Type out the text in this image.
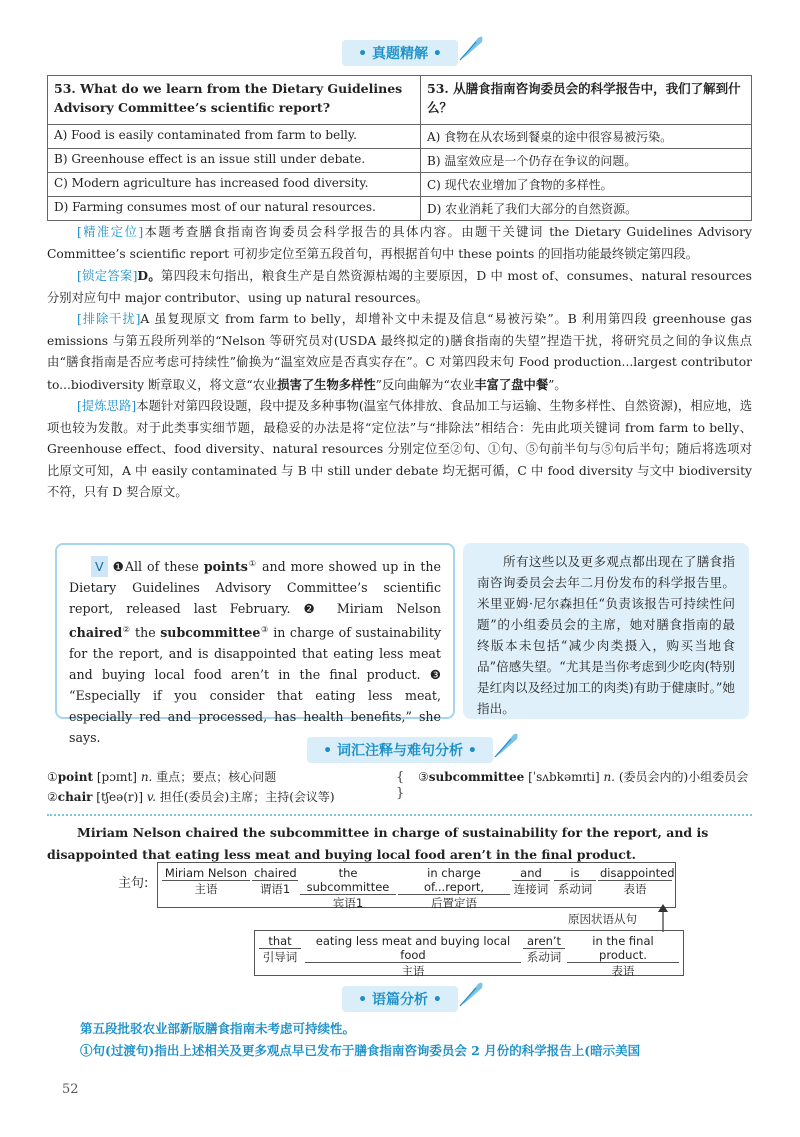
• 真题精解 •
53. What do we learn from the Dietary Guidelines Advisory Committee’s scientific report?	53. 从膳食指南咨询委员会的科学报告中，我们了解到什么？
A) Food is easily contaminated from farm to belly.	A) 食物在从农场到餐桌的途中很容易被污染。
B) Greenhouse effect is an issue still under debate.	B) 温室效应是一个仍存在争议的问题。
C) Modern agriculture has increased food diversity.	C) 现代农业增加了食物的多样性。
D) Farming consumes most of our natural resources.	D) 农业消耗了我们大部分的自然资源。
[精准定位]本题考查膳食指南咨询委员会科学报告的具体内容。由题干关键词 the Dietary Guidelines Advisory Committee’s scientific report 可初步定位至第五段首句，再根据首句中 these points 的回指功能最终锁定第四段。
[锁定答案]D。第四段末句指出，粮食生产是自然资源枯竭的主要原因，D 中 most of、consumes、natural resources 分别对应句中 major contributor、using up natural resources。
[排除干扰]A 虽复现原文 from farm to belly，却增补文中未提及信息“易被污染”。B 利用第四段 greenhouse gas emissions 与第五段所列举的“Nelson 等研究员对(USDA 最终拟定的)膳食指南的失望”捏造干扰，将研究员之间的争议焦点由“膳食指南是否应考虑可持续性”偷换为“温室效应是否真实存在”。C 对第四段末句 Food production...largest contributor to...biodiversity 断章取义，将文意“农业损害了生物多样性”反向曲解为“农业丰富了盘中餐”。
[提炼思路]本题针对第四段设题，段中提及多种事物(温室气体排放、食品加工与运输、生物多样性、自然资源)，相应地，选项也较为发散。对于此类事实细节题，最稳妥的办法是将“定位法”与“排除法”相结合：先由此项关键词 from farm to belly、Greenhouse effect、food diversity、natural resources 分别定位至②句、①句、⑤句前半句与⑤句后半句；随后将选项对比原文可知，A 中 easily contaminated 与 B 中 still under debate 均无据可循，C 中 food diversity 与文中 biodiversity 不符，只有 D 契合原文。
V ❶All of these points① and more showed up in the Dietary Guidelines Advisory Committee’s scientific report, released last February. ❷ Miriam Nelson chaired② the subcommittee③ in charge of sustainability for the report, and is disappointed that eating less meat and buying local food aren’t in the final product. ❸ “Especially if you consider that eating less meat, especially red and processed, has health benefits,” she says.
所有这些以及更多观点都出现在了膳食指南咨询委员会去年二月份发布的科学报告里。米里亚姆·尼尔森担任“负责该报告可持续性问题”的小组委员会的主席，她对膳食指南的最终版本未包括“减少肉类摄入，购买当地食品”倍感失望。“尤其是当你考虑到少吃肉(特别是红肉以及经过加工的肉类)有助于健康时。”她指出。
• 词汇注释与难句分析 •
①point [pɔɪnt] n. 重点；要点；核心问题
②chair [tʃeə(r)] v. 担任(委员会)主席；主持(会议等)
{
}
③subcommittee [ˈsʌbkəmɪti] n. (委员会内的)小组委员会
Miriam Nelson chaired the subcommittee in charge of sustainability for the report, and is disappointed that eating less meat and buying local food aren’t in the final product.
主句:
Miriam Nelson
主语
chaired
谓语1
the subcommittee
宾语1
in charge of...report,
后置定语
and
连接词
is
系动词
disappointed
表语
原因状语从句
that
引导词
eating less meat and buying local food
主语
aren’t
系动词
in the final product.
表语
• 语篇分析 •
第五段批驳农业部新版膳食指南未考虑可持续性。
①句(过渡句)指出上述相关及更多观点早已发布于膳食指南咨询委员会 2 月份的科学报告上(暗示美国
52
